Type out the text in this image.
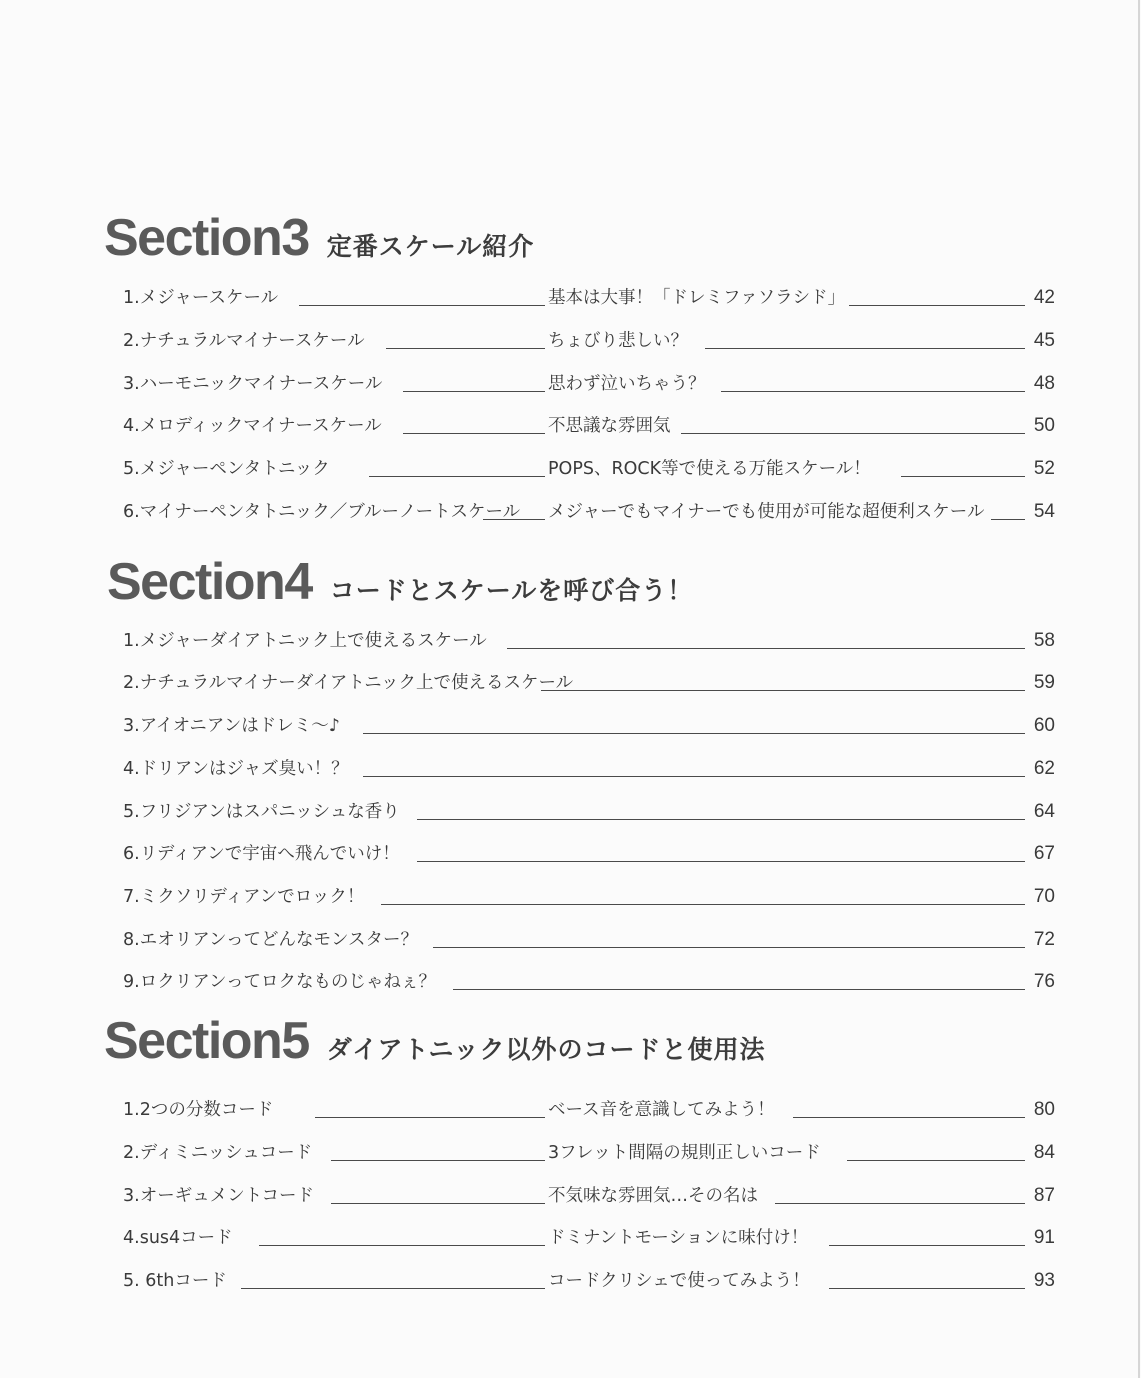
Section3 定番スケール紹介
1.メジャースケール	基本は大事！「ドレミファソラシド」	42
2.ナチュラルマイナースケール	ちょびり悲しい？	45
3.ハーモニックマイナースケール	思わず泣いちゃう？	48
4.メロディックマイナースケール	不思議な雰囲気	50
5.メジャーペンタトニック	POPS、ROCK等で使える万能スケール！	52
6.マイナーペンタトニック／ブルーノートスケール メジャーでもマイナーでも使用が可能な超便利スケール	54
Section4 コードとスケールを呼び合う！
1.メジャーダイアトニック上で使えるスケール	58
2.ナチュラルマイナーダイアトニック上で使えるスケール	59
3.アイオニアンはドレミ〜♪	60
4.ドリアンはジャズ臭い！？	62
5.フリジアンはスパニッシュな香り	64
6.リディアンで宇宙へ飛んでいけ！	67
7.ミクソリディアンでロック！	70
8.エオリアンってどんなモンスター？	72
9.ロクリアンってロクなものじゃねぇ？	76
Section5 ダイアトニック以外のコードと使用法
1.2つの分数コード	ベース音を意識してみよう！	80
2.ディミニッシュコード	3フレット間隔の規則正しいコード	84
3.オーギュメントコード	不気味な雰囲気…その名は	87
4.sus4コード	ドミナントモーションに味付け！	91
5. 6thコード	コードクリシェで使ってみよう！	93
